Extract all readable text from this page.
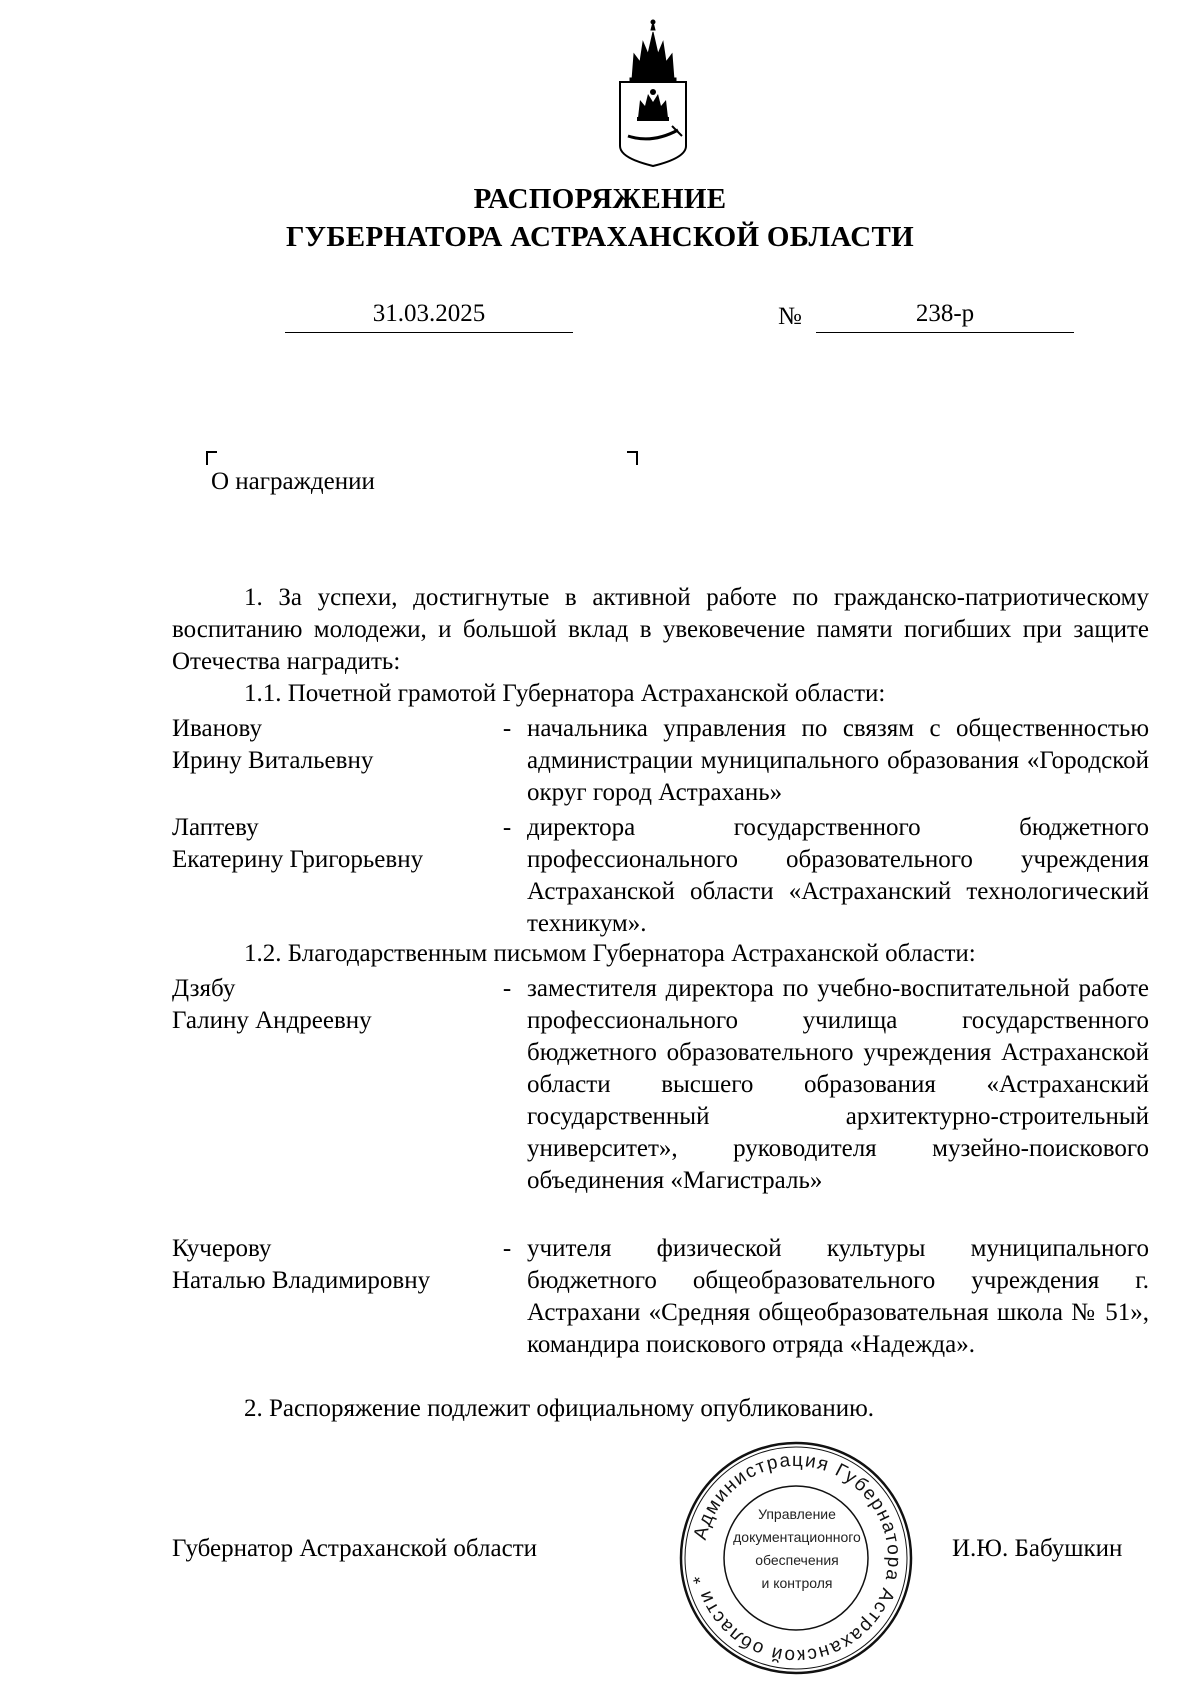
РАСПОРЯЖЕНИЕ
ГУБЕРНАТОРА АСТРАХАНСКОЙ ОБЛАСТИ
31.03.2025	№	238-р
О награждении
1. За успехи, достигнутые в активной работе по гражданско-патриотическому воспитанию молодежи, и большой вклад в увековечение памяти погибших при защите Отечества наградить:
1.1. Почетной грамотой Губернатора Астраханской области:
Иванову
Ирину Витальевну
- начальника управления по связям с общественностью администрации муниципального образования «Городской округ город Астрахань»
Лаптеву
Екатерину Григорьевну
- директора государственного бюджетного профессионального образовательного учреждения Астраханской области «Астраханский технологический техникум».
1.2. Благодарственным письмом Губернатора Астраханской области:
Дзябу
Галину Андреевну
- заместителя директора по учебно-воспитательной работе профессионального училища государственного бюджетного образовательного учреждения Астраханской области высшего образования «Астраханский государственный архитектурно-строительный университет», руководителя музейно-поискового объединения «Магистраль»
Кучерову
Наталью Владимировну
- учителя физической культуры муниципального бюджетного общеобразовательного учреждения г. Астрахани «Средняя общеобразовательная школа № 51», командира поискового отряда «Надежда».
2. Распоряжение подлежит официальному опубликованию.
Губернатор Астраханской области	И.Ю. Бабушкин
Администрация Губернатора Астраханской области *
Управление
документационного
обеспечения
и контроля
